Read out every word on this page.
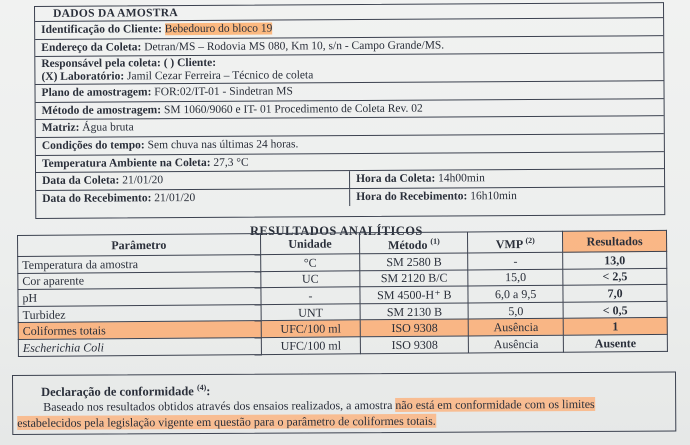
DADOS DA AMOSTRA
Identificação do Cliente: Bebedouro do bloco 19
Endereço da Coleta: Detran/MS – Rodovia MS 080, Km 10, s/n - Campo Grande/MS.
Responsável pela coleta: ( ) Cliente:
(X) Laboratório: Jamil Cezar Ferreira – Técnico de coleta
Plano de amostragem: FOR:02/IT-01 - Sindetran MS
Método de amostragem: SM 1060/9060 e IT- 01 Procedimento de Coleta Rev. 02
Matriz: Água bruta
Condições do tempo: Sem chuva nas últimas 24 horas.
Temperatura Ambiente na Coleta: 27,3 °C
Data da Coleta: 21/01/20	Hora da Coleta: 14h00min
Data do Recebimento: 21/01/20	Hora do Recebimento: 16h10min
RESULTADOS ANALÍTICOS
Parâmetro	Unidade	Método $^{(1)}$	VMP $^{(2)}$	Resultados
Temperatura da amostra	°C	SM 2580 B	-	13,0
Cor aparente	UC	SM 2120 B/C	15,0	< 2,5
pH	-	SM 4500-H⁺ B	6,0 a 9,5	7,0
Turbidez	UNT	SM 2130 B	5,0	< 0,5
Coliformes totais	UFC/100 ml	ISO 9308	Ausência	1
Escherichia Coli	UFC/100 ml	ISO 9308	Ausência	Ausente
Declaração de conformidade $^{(4)}$:
Baseado nos resultados obtidos através dos ensaios realizados, a amostra não está em conformidade com os limites
estabelecidos pela legislação vigente em questão para o parâmetro de coliformes totais.
